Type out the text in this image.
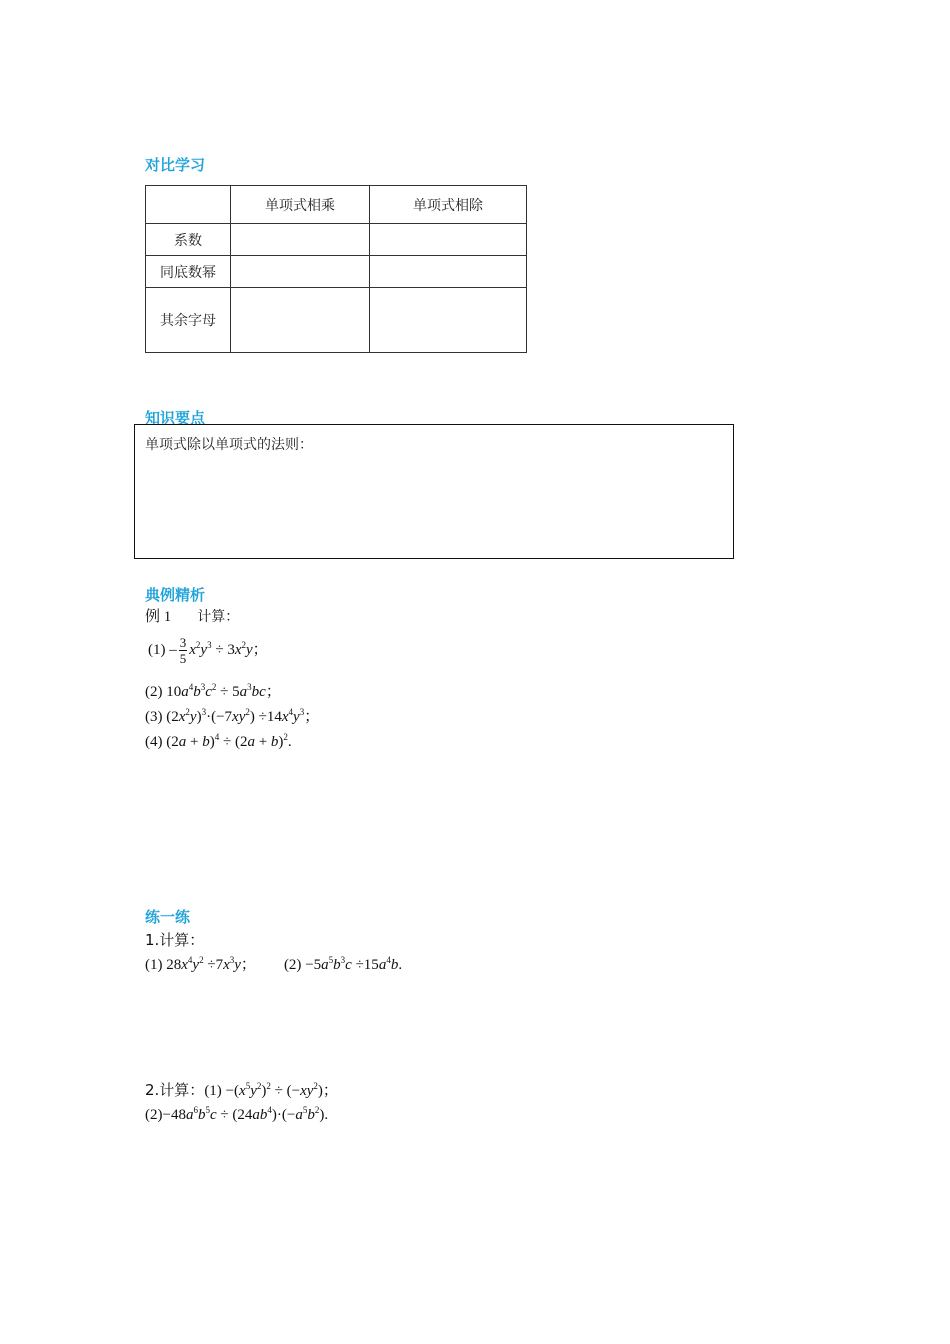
对比学习
	单项式相乘	单项式相除
系数		
同底数幂		
其余字母		
知识要点
单项式除以单项式的法则：
典例精析
例 1 计算：
$(1) - \frac{3}{5} x^2y^3 \div 3x^2y$；
(2) $10a^4b^3c^2 \div 5a^3bc$；
(3) $(2x^2y)^3\cdot(-7xy^2) \div 14x^4y^3$；
(4) $(2a + b)^4 \div (2a + b)^2$.
练一练
1.计算：
(1) $28x^4y^2 \div 7x^3y$； $(2) -5a^5b^3c \div 15a^4b$.
2.计算：$(1) -(x^5y^2)^2 \div (-xy^2)$；
$(2)-48a^6b^5c \div (24ab^4)\cdot(-a^5b^2)$.
